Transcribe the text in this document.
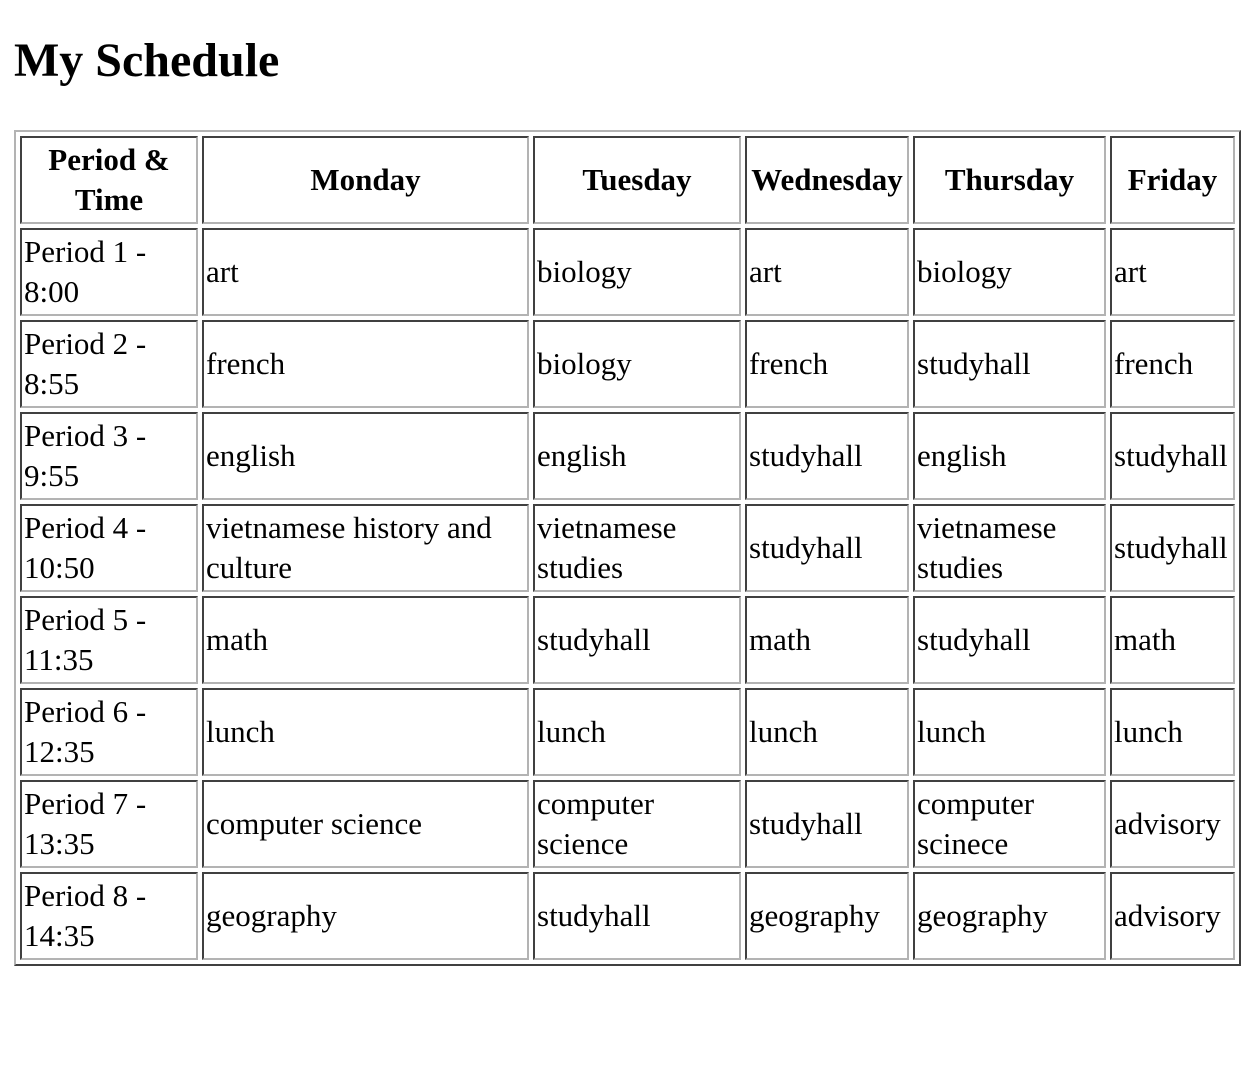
My Schedule
Period & Time	Monday	Tuesday	Wednesday	Thursday	Friday
Period 1 - 8:00	art	biology	art	biology	art
Period 2 - 8:55	french	biology	french	studyhall	french
Period 3 - 9:55	english	english	studyhall	english	studyhall
Period 4 - 10:50	vietnamese history and culture	vietnamese studies	studyhall	vietnamese studies	studyhall
Period 5 - 11:35	math	studyhall	math	studyhall	math
Period 6 - 12:35	lunch	lunch	lunch	lunch	lunch
Period 7 - 13:35	computer science	computer science	studyhall	computer scinece	advisory
Period 8 - 14:35	geography	studyhall	geography	geography	advisory
